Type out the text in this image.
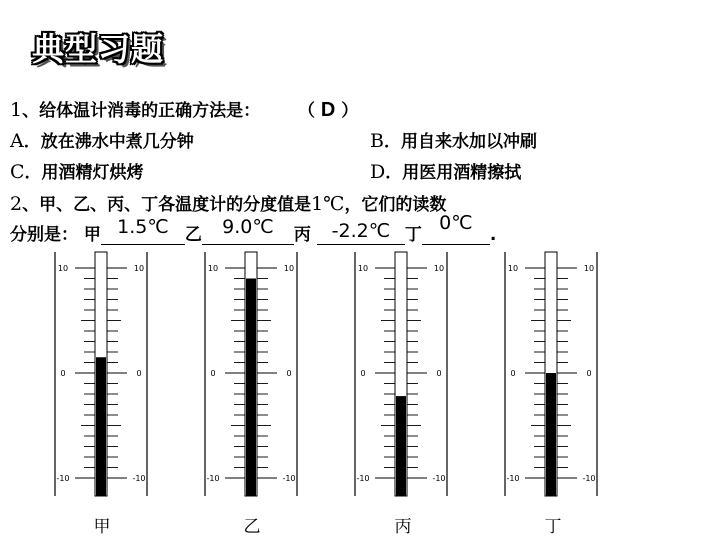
典型习题
1、给体温计消毒的正确方法是： （ D ）
A．放在沸水中煮几分钟	B．用自来水加以冲刷
C．用酒精灯烘烤	D．用医用酒精擦拭
2、甲、乙、丙、丁各温度计的分度值是1℃，它们的读数
分别是： 甲 1.5℃ 乙	9.0℃	丙	-2.2℃ 丁
0℃
.
10	10
0	0
-10	-10
10	10
0	0
-10	-10
10	10
0	0
-10	-10
10	10
0	0
-10	-10
甲	乙	丙	丁
